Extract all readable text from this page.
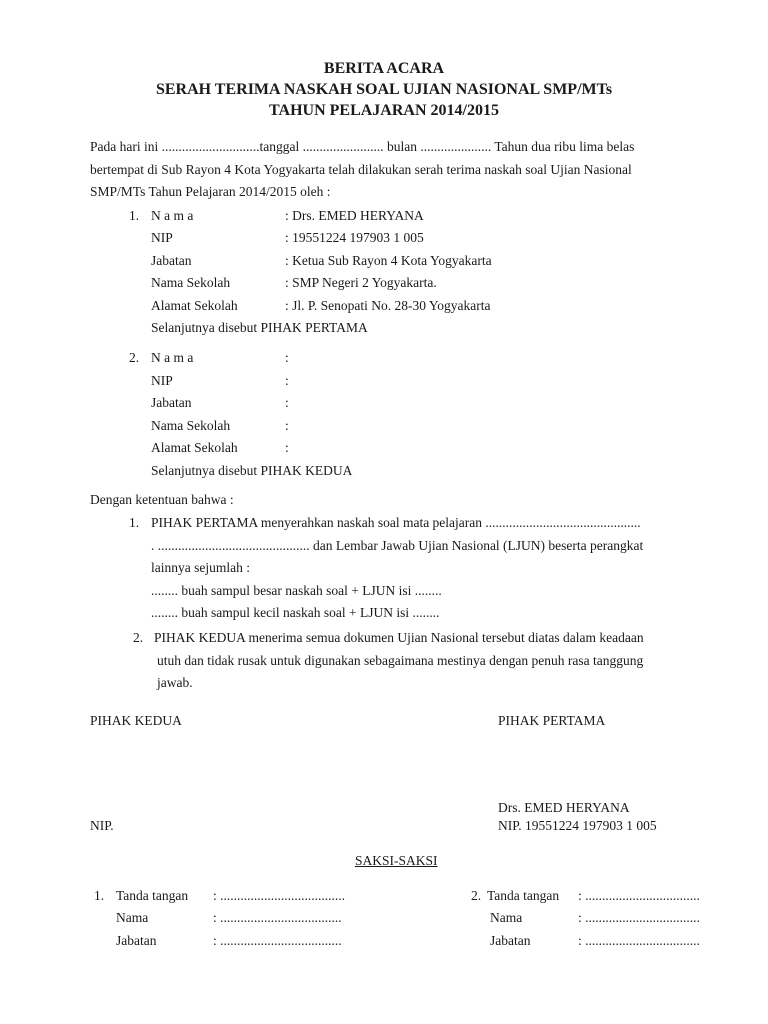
BERITA ACARA
SERAH TERIMA NASKAH SOAL UJIAN NASIONAL SMP/MTs
TAHUN PELAJARAN 2014/2015
Pada hari ini .............................tanggal ........................ bulan ..................... Tahun dua ribu lima belas
bertempat di Sub Rayon 4 Kota Yogyakarta telah dilakukan serah terima naskah soal Ujian Nasional
SMP/MTs Tahun Pelajaran 2014/2015 oleh :
1. N a m a	: Drs. EMED HERYANA
NIP	: 19551224 197903 1 005
Jabatan	: Ketua Sub Rayon 4 Kota Yogyakarta
Nama Sekolah	: SMP Negeri 2 Yogyakarta.
Alamat Sekolah	: Jl. P. Senopati No. 28-30 Yogyakarta
Selanjutnya disebut PIHAK PERTAMA
2. N a m a	:
NIP	:
Jabatan	:
Nama Sekolah	:
Alamat Sekolah	:
Selanjutnya disebut PIHAK KEDUA
Dengan ketentuan bahwa :
1. PIHAK PERTAMA menyerahkan naskah soal mata pelajaran ..............................................
. ............................................. dan Lembar Jawab Ujian Nasional (LJUN) beserta perangkat
lainnya sejumlah :
........ buah sampul besar naskah soal + LJUN isi ........
........ buah sampul kecil naskah soal + LJUN isi ........
2. PIHAK KEDUA menerima semua dokumen Ujian Nasional tersebut diatas dalam keadaan
utuh dan tidak rusak untuk digunakan sebagaimana mestinya dengan penuh rasa tanggung
jawab.
PIHAK KEDUA	PIHAK PERTAMA
Drs. EMED HERYANA
NIP.	NIP. 19551224 197903 1 005
SAKSI-SAKSI
1. Tanda tangan : .....................................
Nama	: ....................................
Jabatan	: ....................................
2. Tanda tangan : ..................................
Nama	: ..................................
Jabatan	: ..................................
